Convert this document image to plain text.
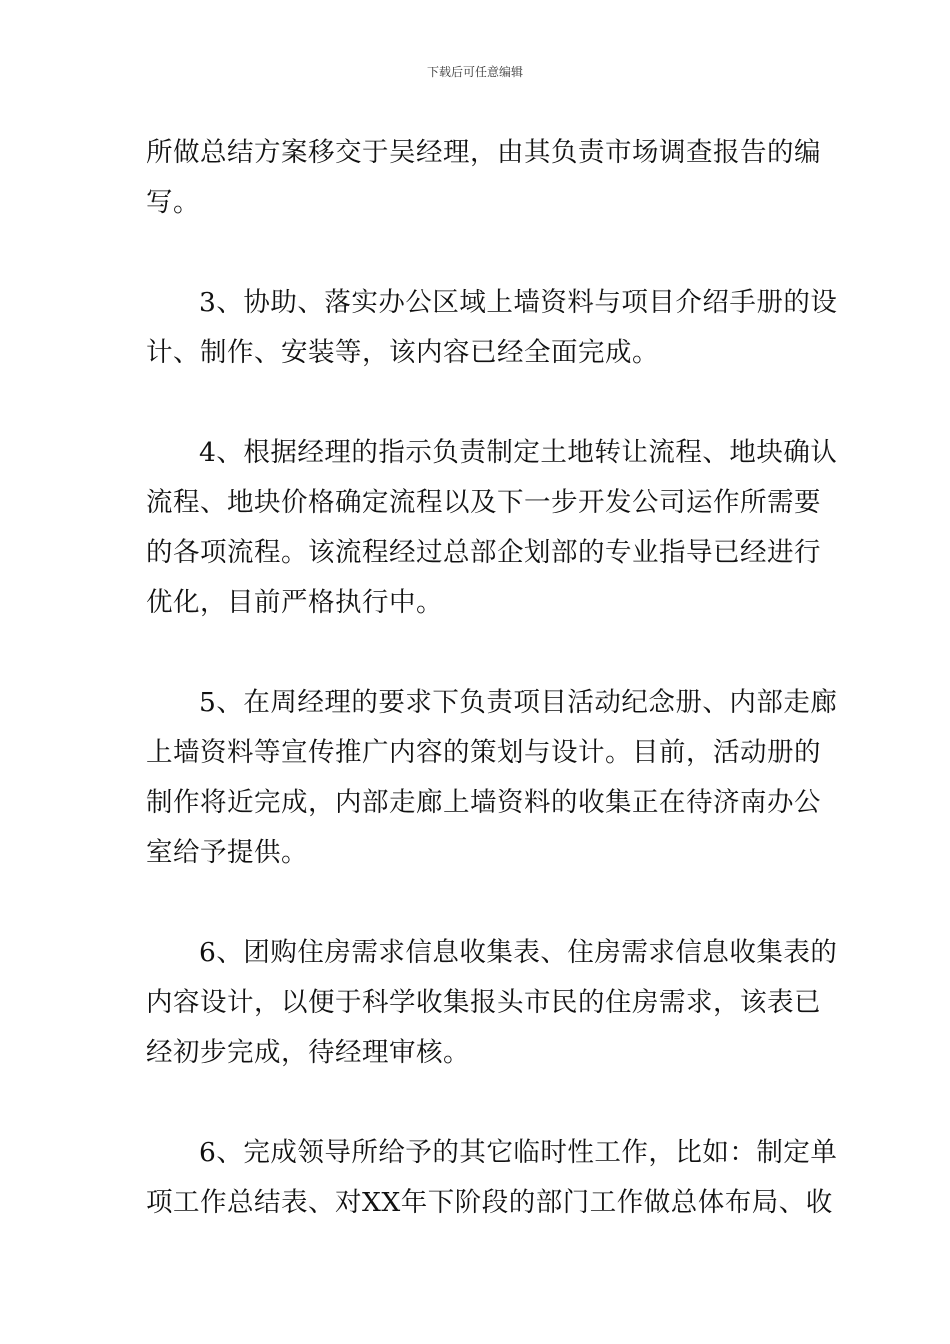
下载后可任意编辑

所做总结方案移交于吴经理，由其负责市场调查报告的编
写。

3、协助、落实办公区域上墙资料与项目介绍手册的设
计、制作、安装等，该内容已经全面完成。

4、根据经理的指示负责制定土地转让流程、地块确认
流程、地块价格确定流程以及下一步开发公司运作所需要
的各项流程。该流程经过总部企划部的专业指导已经进行
优化，目前严格执行中。

5、在周经理的要求下负责项目活动纪念册、内部走廊
上墙资料等宣传推广内容的策划与设计。目前，活动册的
制作将近完成，内部走廊上墙资料的收集正在待济南办公
室给予提供。

6、团购住房需求信息收集表、住房需求信息收集表的
内容设计，以便于科学收集报头市民的住房需求，该表已
经初步完成，待经理审核。

6、完成领导所给予的其它临时性工作，比如：制定单
项工作总结表、对XX年下阶段的部门工作做总体布局、收
